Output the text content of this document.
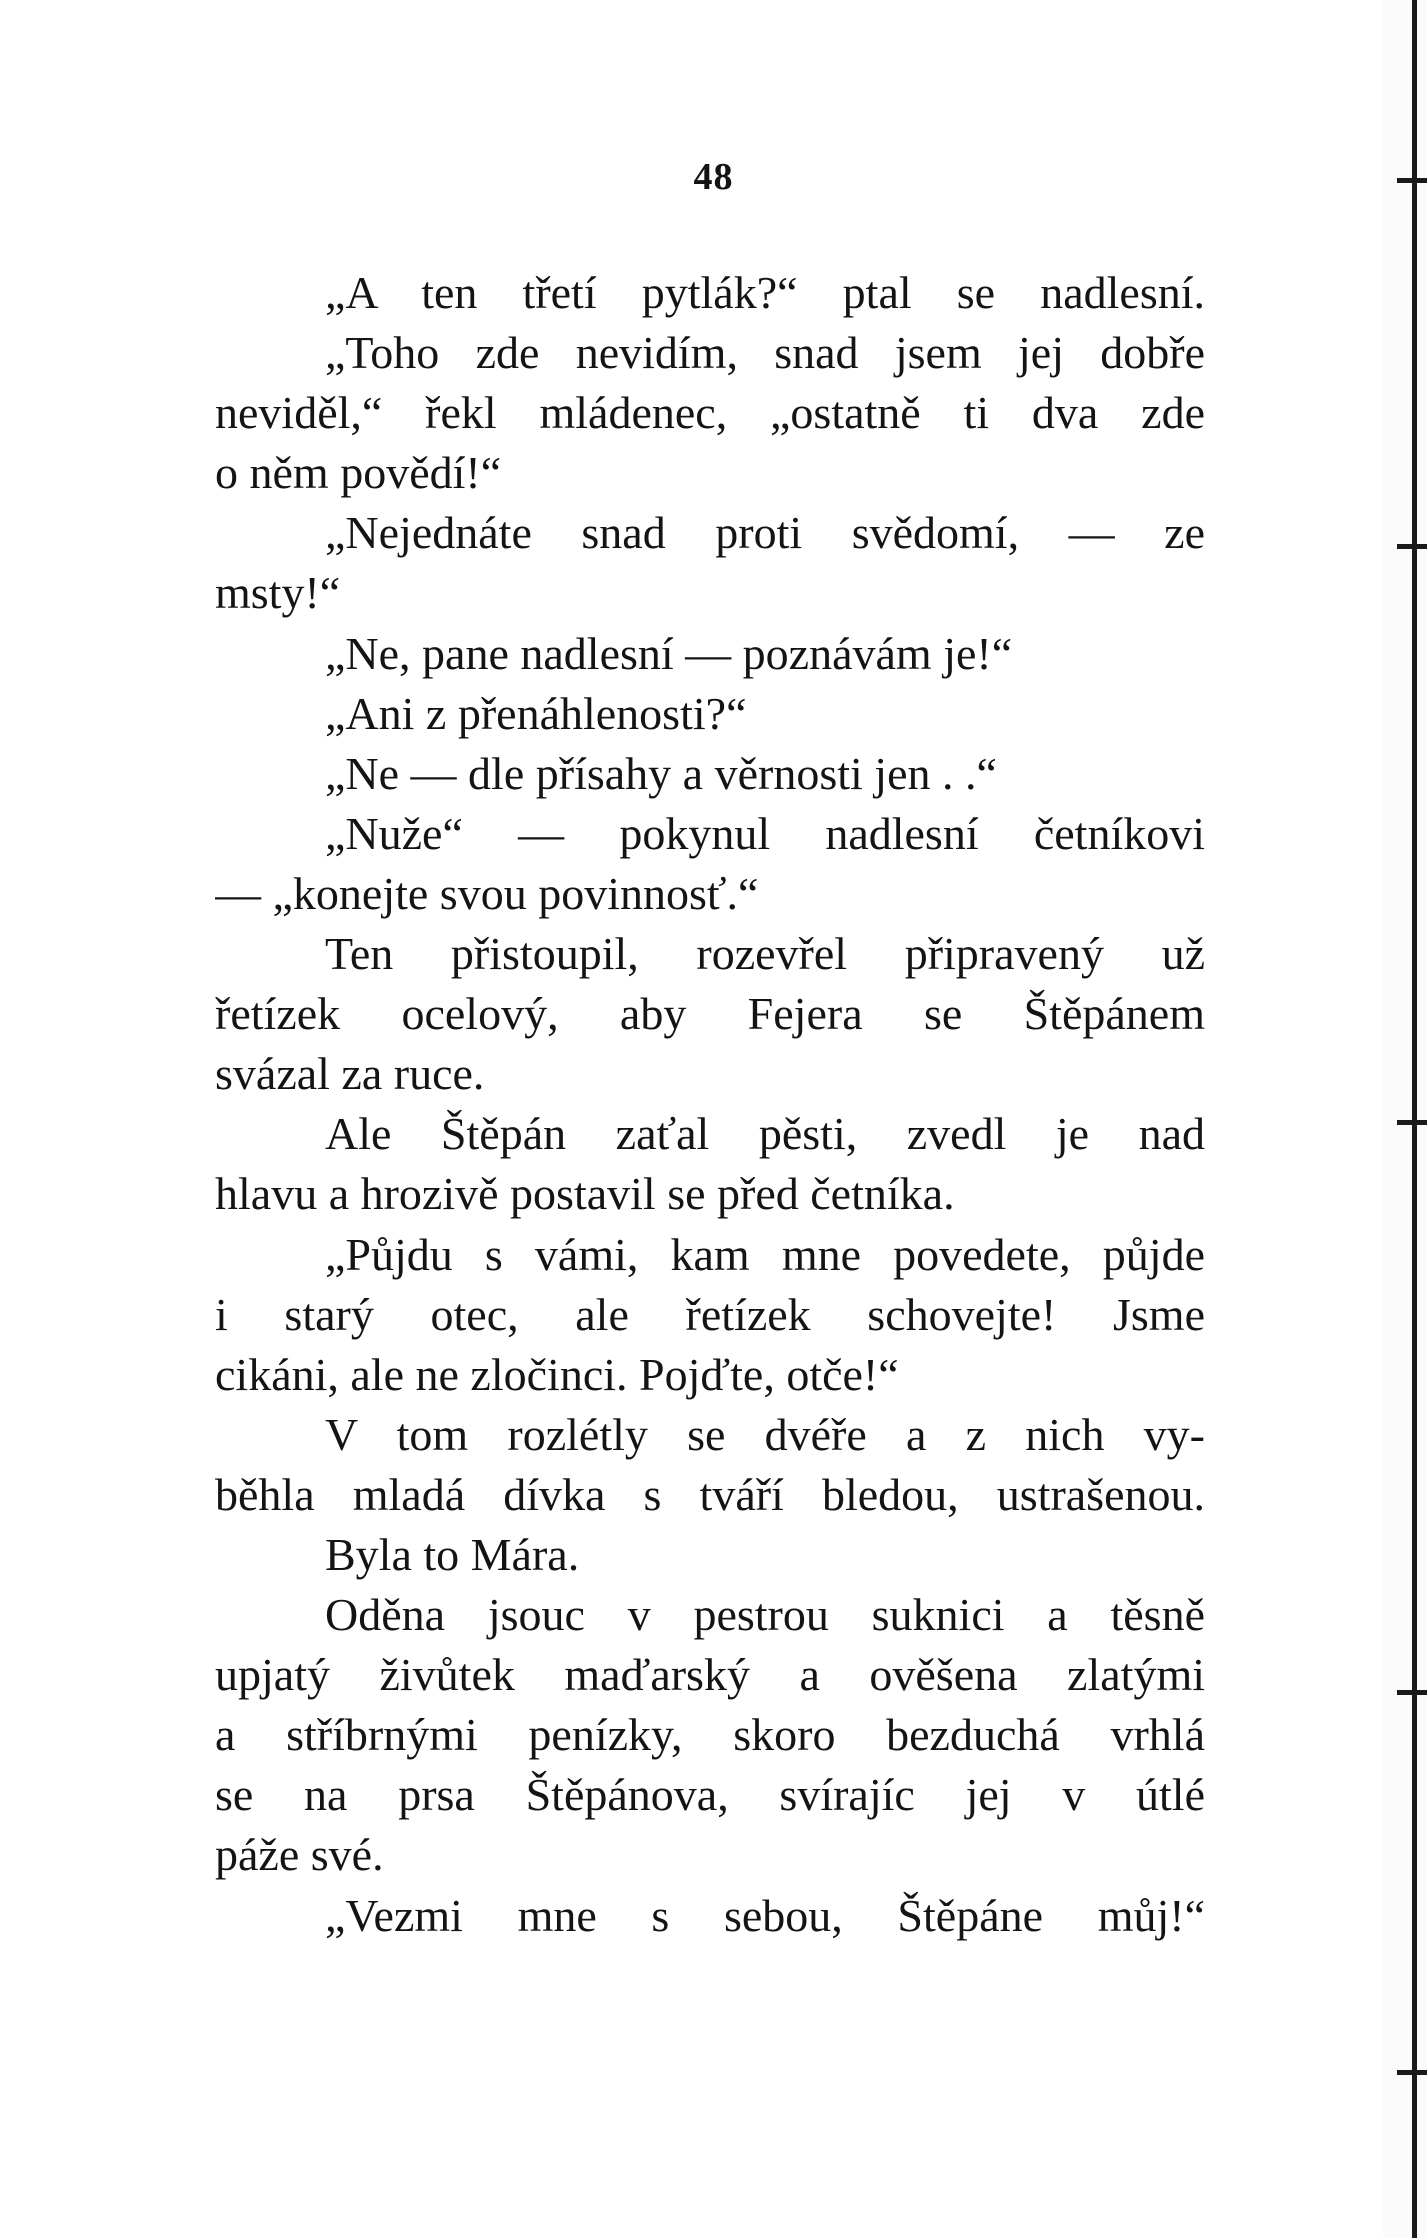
48
„A ten třetí pytlák?“ ptal se nadlesní.
„Toho zde nevidím, snad jsem jej dobře
neviděl,“ řekl mládenec, „ostatně ti dva zde
o něm povědí!“
„Nejednáte snad proti svědomí, — ze
msty!“
„Ne, pane nadlesní — poznávám je!“
„Ani z přenáhlenosti?“
„Ne — dle přísahy a věrnosti jen . .“
„Nuže“ — pokynul nadlesní četníkovi
— „konejte svou povinnosť.“
Ten přistoupil, rozevřel připravený už
řetízek ocelový, aby Fejera se Štěpánem
svázal za ruce.
Ale Štěpán zaťal pěsti, zvedl je nad
hlavu a hrozivě postavil se před četníka.
„Půjdu s vámi, kam mne povedete, půjde
i starý otec, ale řetízek schovejte! Jsme
cikáni, ale ne zločinci. Pojďte, otče!“
V tom rozlétly se dvéře a z nich vy-
běhla mladá dívka s tváří bledou, ustrašenou.
Byla to Mára.
Oděna jsouc v pestrou suknici a těsně
upjatý živůtek maďarský a ověšena zlatými
a stříbrnými penízky, skoro bezduchá vrhlá
se na prsa Štěpánova, svírajíc jej v útlé
páže své.
„Vezmi mne s sebou, Štěpáne můj!“
